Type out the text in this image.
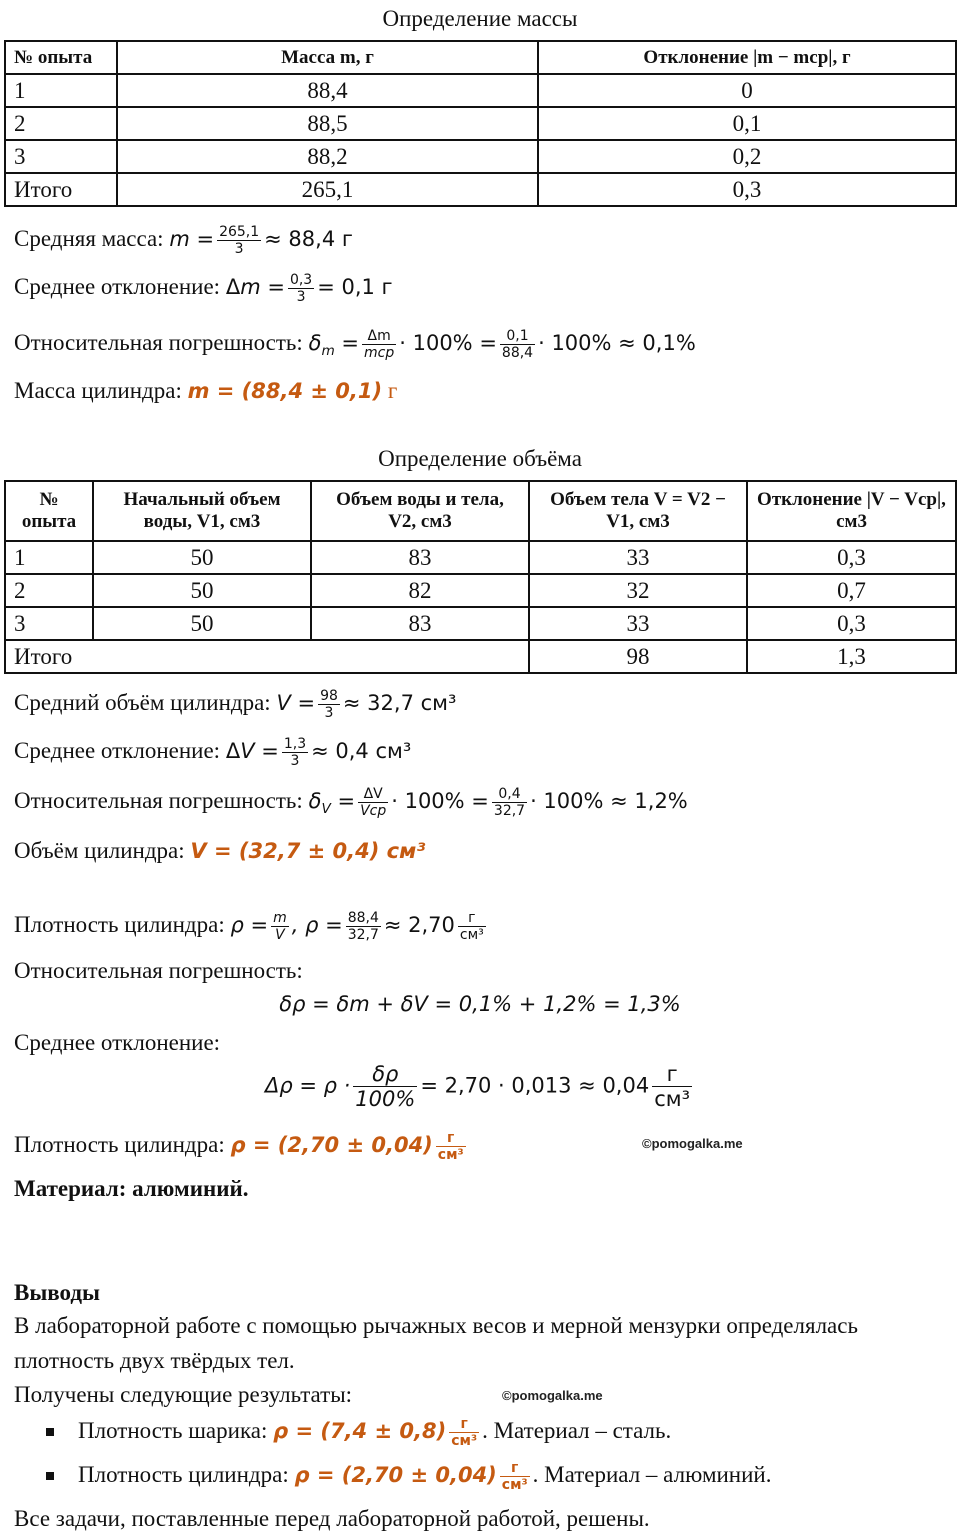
Определение массы
№ опыта	Масса m, г	Отклонение |m − mcp|, г
1	88,4	0
2	88,5	0,1
3	88,2	0,2
Итого	265,1	0,3
Средняя масса: $m = \frac{265,1}{3} \approx 88,4$ г
Среднее отклонение: $\Delta m = \frac{0,3}{3} = 0,1$ г
Относительная погрешность: $\delta_m = \frac{\Delta m}{\text{mcp}} \cdot 100\% = \frac{0,1}{88,4} \cdot 100\% \approx 0,1\%$
Масса цилиндра: m = (88,4 ± 0,1) г
Определение объёма
№ опыта	Начальный объем воды, V1, см3	Объем воды и тела, V2, см3	Объем тела V = V2 − V1, см3	Отклонение |V − Vcp|, см3
1	50	83	33	0,3
2	50	82	32	0,7
3	50	83	33	0,3
Итого			98	1,3
Средний объём цилиндра: $V = \frac{98}{3} \approx 32,7$ см³
Среднее отклонение: $\Delta V = \frac{1,3}{3} \approx 0,4$ см³
Относительная погрешность: $\delta_V = \frac{\Delta V}{\text{Vcp}} \cdot 100\% = \frac{0,4}{32,7} \cdot 100\% \approx 1,2\%$
Объём цилиндра: V = (32,7 ± 0,4) см³
Плотность цилиндра: $\rho = \frac{m}{V}$ , $\rho = \frac{88,4}{32,7} \approx 2,70 \frac{г}{\text{см³}}$
Относительная погрешность:
δρ = δm + δV = 0,1% + 1,2% = 1,3%
Среднее отклонение:
$\Delta\rho = \rho \cdot \frac{\delta\rho}{100\%} = 2,70 \cdot 0,013 \approx 0,04 \frac{г}{\text{см³}}$
Плотность цилиндра: $\rho = (2,70 \pm 0,04) \frac{г}{\text{см³}}$	©pomogalka.me
Материал: алюминий.
Выводы
В лабораторной работе с помощью рычажных весов и мерной мензурки определялась
плотность двух твёрдых тел.
Получены следующие результаты:	©pomogalka.me
Плотность шарика: $\rho = (7,4 \pm 0,8) \frac{г}{\text{см³}}$ . Материал – сталь.
Плотность цилиндра: $\rho = (2,70 \pm 0,04) \frac{г}{\text{см³}}$ . Материал – алюминий.
Все задачи, поставленные перед лабораторной работой, решены.
